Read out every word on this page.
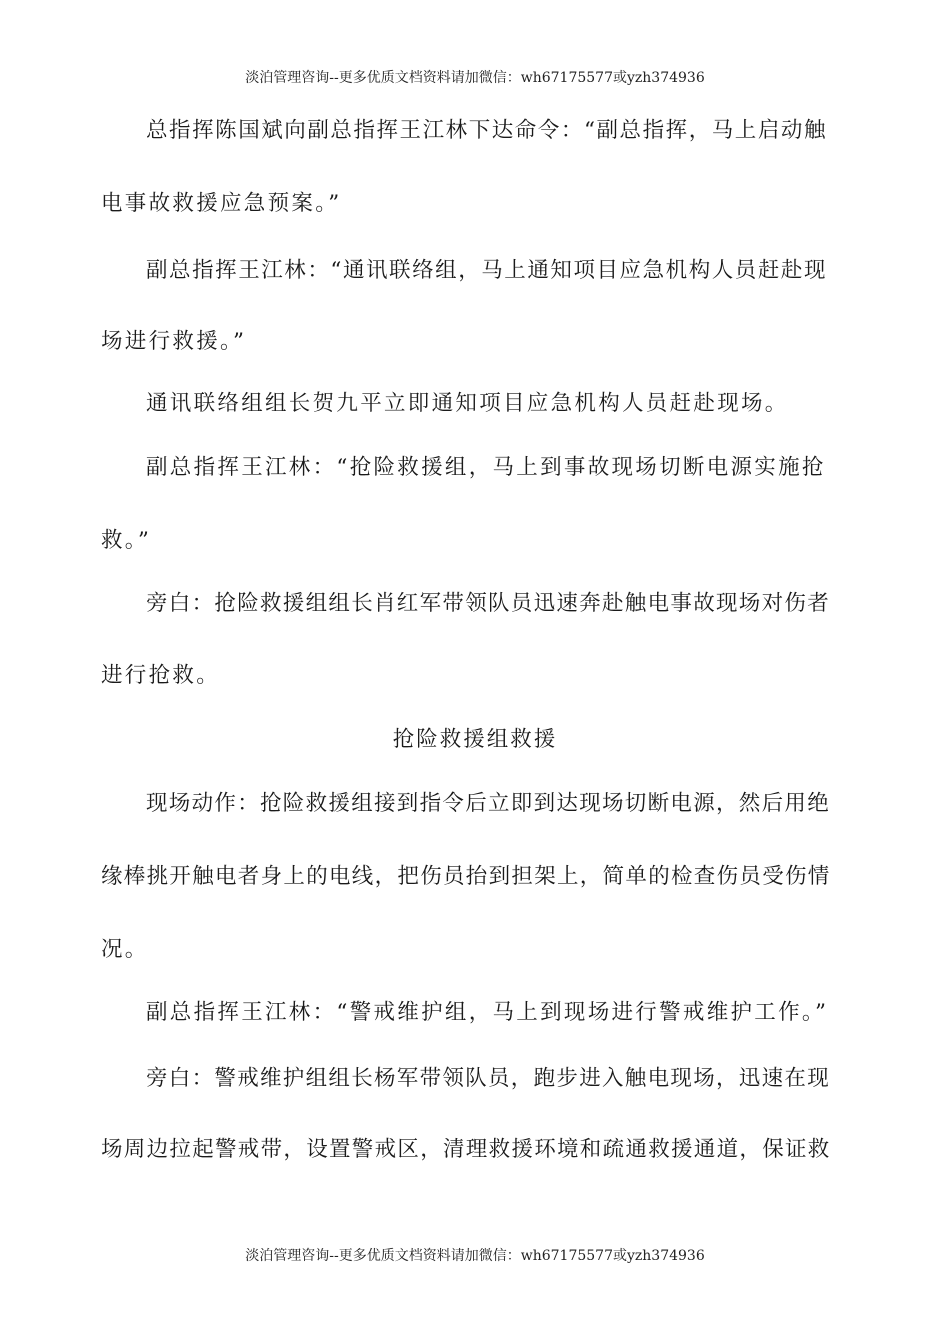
淡泊管理咨询--更多优质文档资料请加微信：wh67175577或yzh374936
总指挥陈国斌向副总指挥王江林下达命令：“副总指挥，马上启动触
电事故救援应急预案。”
副总指挥王江林：“通讯联络组，马上通知项目应急机构人员赶赴现
场进行救援。”
通讯联络组组长贺九平立即通知项目应急机构人员赶赴现场。
副总指挥王江林：“抢险救援组，马上到事故现场切断电源实施抢
救。”
旁白：抢险救援组组长肖红军带领队员迅速奔赴触电事故现场对伤者
进行抢救。
抢险救援组救援
现场动作：抢险救援组接到指令后立即到达现场切断电源，然后用绝
缘棒挑开触电者身上的电线，把伤员抬到担架上，简单的检查伤员受伤情
况。
副总指挥王江林：“警戒维护组，马上到现场进行警戒维护工作。”
旁白：警戒维护组组长杨军带领队员，跑步进入触电现场，迅速在现
场周边拉起警戒带，设置警戒区，清理救援环境和疏通救援通道，保证救
淡泊管理咨询--更多优质文档资料请加微信：wh67175577或yzh374936
